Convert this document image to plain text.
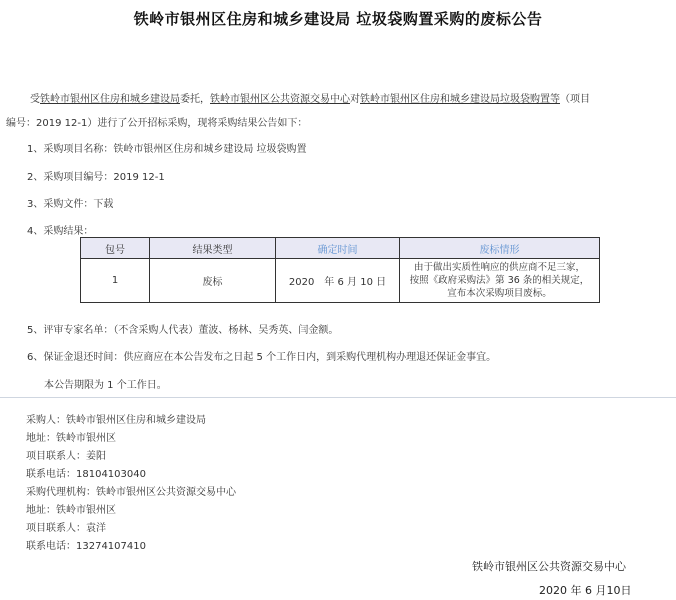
铁岭市银州区住房和城乡建设局 垃圾袋购置采购的废标公告
受铁岭市银州区住房和城乡建设局委托，铁岭市银州区公共资源交易中心对铁岭市银州区住房和城乡建设局垃圾袋购置等（项目
编号：2019 12-1）进行了公开招标采购，现将采购结果公告如下：
1、采购项目名称：铁岭市银州区住房和城乡建设局 垃圾袋购置
2、采购项目编号：2019 12-1
3、采购文件：下载
4、采购结果：
包号	结果类型	确定时间	废标情形
1	废标	2020　年 6 月 10 日	由于做出实质性响应的供应商不足三家，
按照《政府采购法》第 36 条的相关规定，
宣布本次采购项目废标。
5、评审专家名单：（不含采购人代表）董波、杨林、吴秀英、闫金额。
6、保证金退还时间：供应商应在本公告发布之日起 5 个工作日内，到采购代理机构办理退还保证金事宜。
本公告期限为 1 个工作日。
采购人：铁岭市银州区住房和城乡建设局
地址：铁岭市银州区
项目联系人：姜阳
联系电话：18104103040
采购代理机构：铁岭市银州区公共资源交易中心
地址：铁岭市银州区
项目联系人：袁洋
联系电话：13274107410
铁岭市银州区公共资源交易中心
2020 年 6 月10日
